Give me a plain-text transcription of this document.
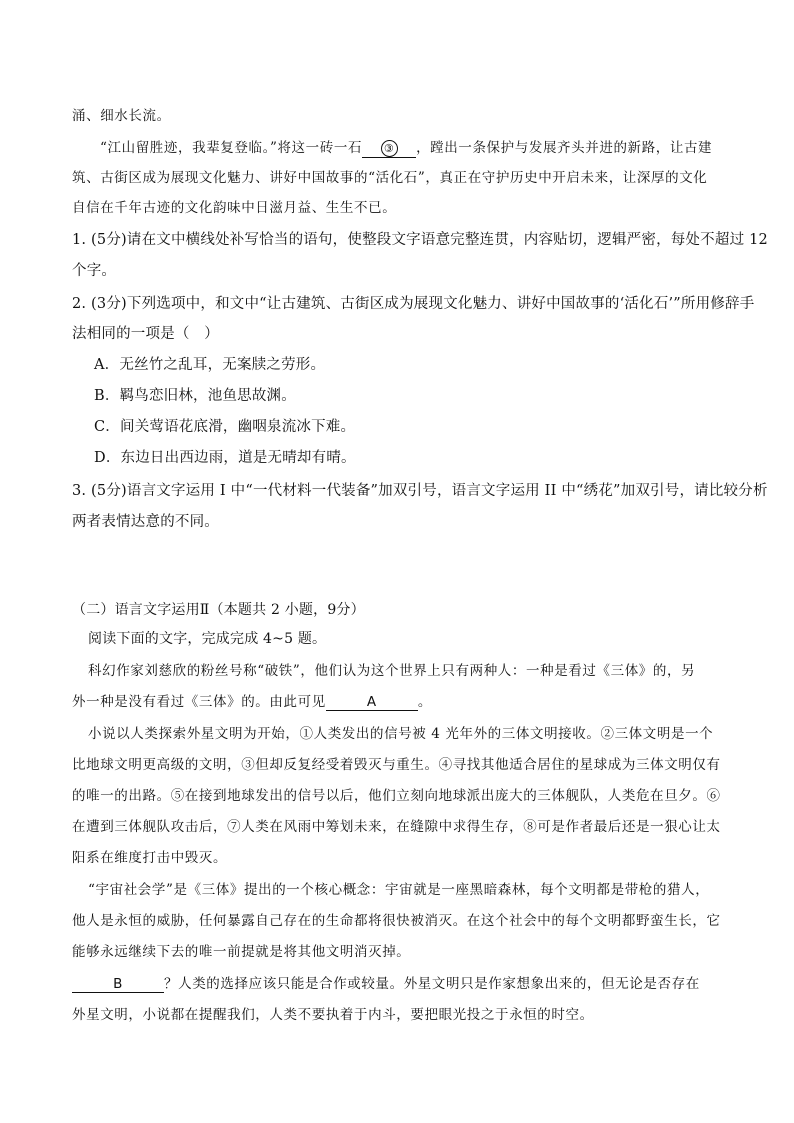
涌、细水长流。
“江山留胜迹，我辈复登临。”将这一砖一石 ③ ，蹚出一条保护与发展齐头并进的新路，让古建
筑、古街区成为展现文化魅力、讲好中国故事的“活化石”，真正在守护历史中开启未来，让深厚的文化
自信在千年古迹的文化韵味中日滋月益、生生不已。
1. (5分)请在文中横线处补写恰当的语句，使整段文字语意完整连贯，内容贴切，逻辑严密，每处不超过 12
个字。
2. (3分)下列选项中，和文中“让古建筑、古街区成为展现文化魅力、讲好中国故事的‘活化石’”所用修辞手
法相同的一项是（　）
A．无丝竹之乱耳，无案牍之劳形。
B．羁鸟恋旧林，池鱼思故渊。
C．间关莺语花底滑，幽咽泉流冰下难。
D．东边日出西边雨，道是无晴却有晴。
3. (5分)语言文字运用 I 中“一代材料一代装备”加双引号，语言文字运用 II 中“绣花”加双引号，请比较分析
两者表情达意的不同。
（二）语言文字运用Ⅱ（本题共 2 小题，9分）
阅读下面的文字，完成完成 4~5 题。
科幻作家刘慈欣的粉丝号称“破铁”，他们认为这个世界上只有两种人：一种是看过《三体》的，另
外一种是没有看过《三体》的。由此可见	A	。
小说以人类探索外星文明为开始，①人类发出的信号被 4 光年外的三体文明接收。②三体文明是一个
比地球文明更高级的文明，③但却反复经受着毁灭与重生。④寻找其他适合居住的星球成为三体文明仅有
的唯一的出路。⑤在接到地球发出的信号以后，他们立刻向地球派出庞大的三体舰队，人类危在旦夕。⑥
在遭到三体舰队攻击后，⑦人类在风雨中筹划未来，在缝隙中求得生存，⑧可是作者最后还是一狠心让太
阳系在维度打击中毁灭。
“宇宙社会学”是《三体》提出的一个核心概念：宇宙就是一座黑暗森林，每个文明都是带枪的猎人，
他人是永恒的威胁，任何暴露自己存在的生命都将很快被消灭。在这个社会中的每个文明都野蛮生长，它
能够永远继续下去的唯一前提就是将其他文明消灭掉。
B	？人类的选择应该只能是合作或较量。外星文明只是作家想象出来的，但无论是否存在
外星文明，小说都在提醒我们，人类不要执着于内斗，要把眼光投之于永恒的时空。
